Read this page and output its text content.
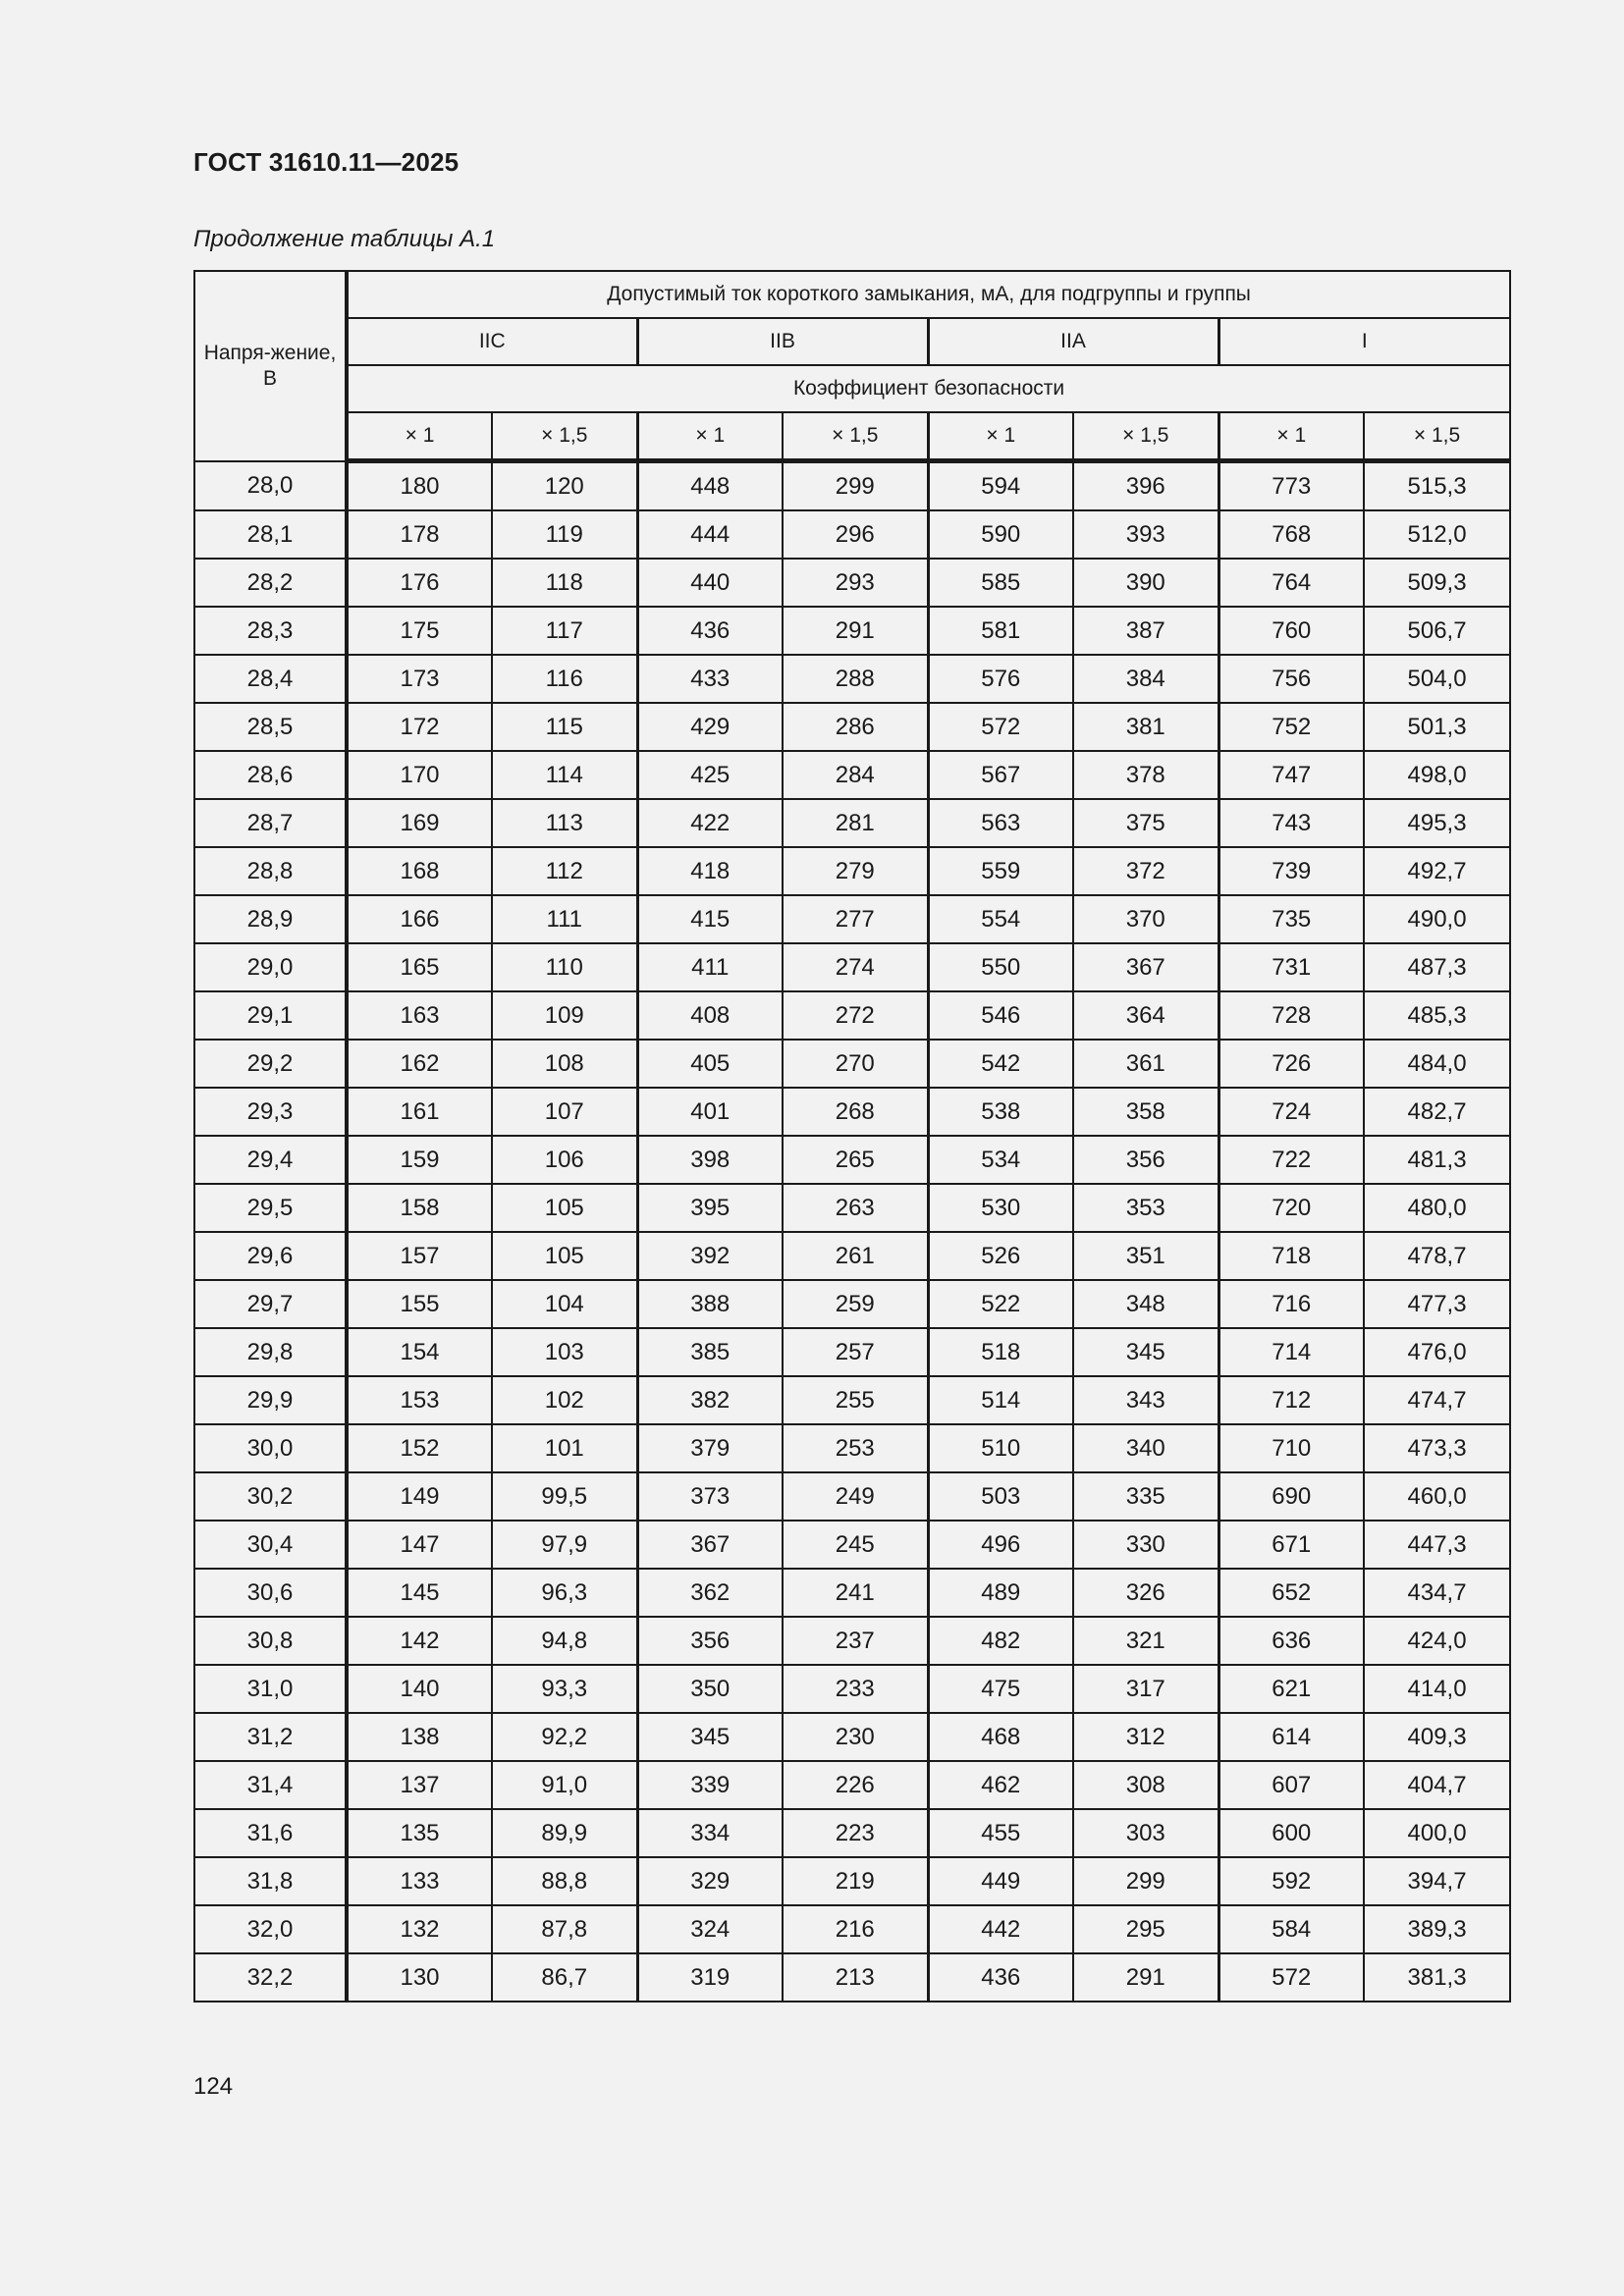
ГОСТ 31610.11—2025
Продолжение таблицы А.1
Напря-жение, В	Допустимый ток короткого замыкания, мА, для подгруппы и группы							
	IIC		IIB		IIA		I	
	Коэффициент безопасности							
	× 1	× 1,5	× 1	× 1,5	× 1	× 1,5	× 1	× 1,5
28,0	180	120	448	299	594	396	773	515,3
28,1	178	119	444	296	590	393	768	512,0
28,2	176	118	440	293	585	390	764	509,3
28,3	175	117	436	291	581	387	760	506,7
28,4	173	116	433	288	576	384	756	504,0
28,5	172	115	429	286	572	381	752	501,3
28,6	170	114	425	284	567	378	747	498,0
28,7	169	113	422	281	563	375	743	495,3
28,8	168	112	418	279	559	372	739	492,7
28,9	166	111	415	277	554	370	735	490,0
29,0	165	110	411	274	550	367	731	487,3
29,1	163	109	408	272	546	364	728	485,3
29,2	162	108	405	270	542	361	726	484,0
29,3	161	107	401	268	538	358	724	482,7
29,4	159	106	398	265	534	356	722	481,3
29,5	158	105	395	263	530	353	720	480,0
29,6	157	105	392	261	526	351	718	478,7
29,7	155	104	388	259	522	348	716	477,3
29,8	154	103	385	257	518	345	714	476,0
29,9	153	102	382	255	514	343	712	474,7
30,0	152	101	379	253	510	340	710	473,3
30,2	149	99,5	373	249	503	335	690	460,0
30,4	147	97,9	367	245	496	330	671	447,3
30,6	145	96,3	362	241	489	326	652	434,7
30,8	142	94,8	356	237	482	321	636	424,0
31,0	140	93,3	350	233	475	317	621	414,0
31,2	138	92,2	345	230	468	312	614	409,3
31,4	137	91,0	339	226	462	308	607	404,7
31,6	135	89,9	334	223	455	303	600	400,0
31,8	133	88,8	329	219	449	299	592	394,7
32,0	132	87,8	324	216	442	295	584	389,3
32,2	130	86,7	319	213	436	291	572	381,3
124
